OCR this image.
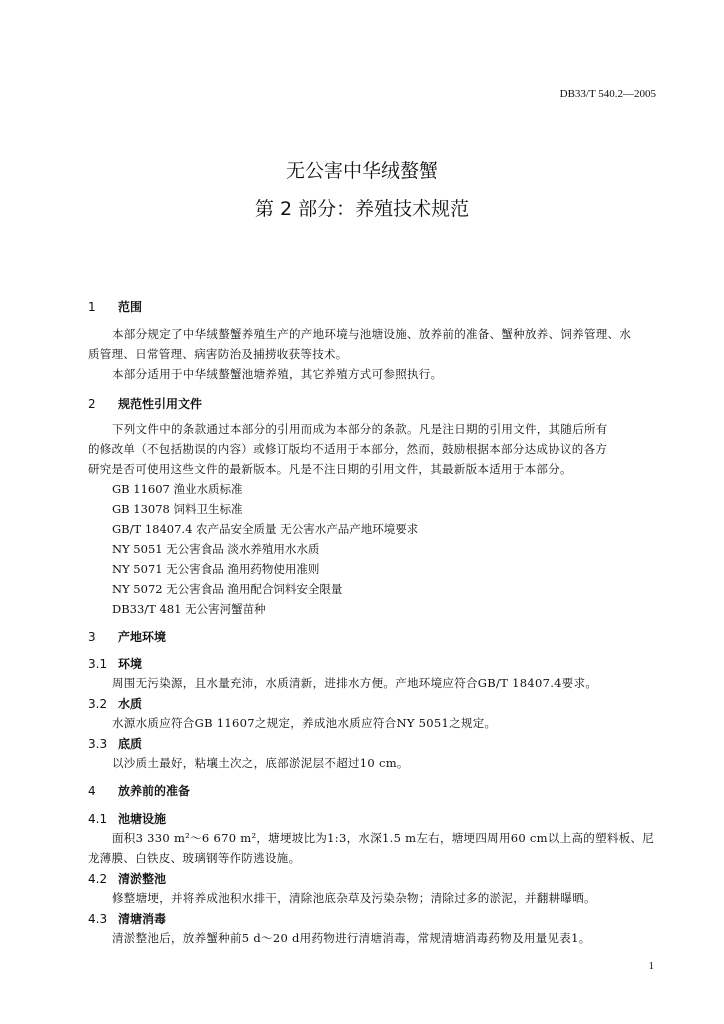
DB33/T 540.2—2005
无公害中华绒螯蟹
第 2 部分：养殖技术规范
1 范围
本部分规定了中华绒螯蟹养殖生产的产地环境与池塘设施、放养前的准备、蟹种放养、饲养管理、水
质管理、日常管理、病害防治及捕捞收获等技术。
本部分适用于中华绒螯蟹池塘养殖，其它养殖方式可参照执行。
2 规范性引用文件
下列文件中的条款通过本部分的引用而成为本部分的条款。凡是注日期的引用文件，其随后所有
的修改单（不包括勘误的内容）或修订版均不适用于本部分，然而，鼓励根据本部分达成协议的各方
研究是否可使用这些文件的最新版本。凡是不注日期的引用文件，其最新版本适用于本部分。
GB 11607 渔业水质标准
GB 13078 饲料卫生标准
GB/T 18407.4 农产品安全质量 无公害水产品产地环境要求
NY 5051 无公害食品 淡水养殖用水水质
NY 5071 无公害食品 渔用药物使用准则
NY 5072 无公害食品 渔用配合饲料安全限量
DB33/T 481 无公害河蟹苗种
3 产地环境
3.1 环境
周围无污染源，且水量充沛，水质清新，进排水方便。产地环境应符合GB/T 18407.4要求。
3.2 水质
水源水质应符合GB 11607之规定，养成池水质应符合NY 5051之规定。
3.3 底质
以沙质土最好，粘壤土次之，底部淤泥层不超过10 cm。
4 放养前的准备
4.1 池塘设施
面积3 330 m²～6 670 m²，塘埂坡比为1:3，水深1.5 m左右，塘埂四周用60 cm以上高的塑料板、尼
龙薄膜、白铁皮、玻璃钢等作防逃设施。
4.2 清淤整池
修整塘埂，并将养成池积水排干，清除池底杂草及污染杂物；清除过多的淤泥，并翻耕曝晒。
4.3 清塘消毒
清淤整池后，放养蟹种前5 d～20 d用药物进行清塘消毒，常规清塘消毒药物及用量见表1。
1
